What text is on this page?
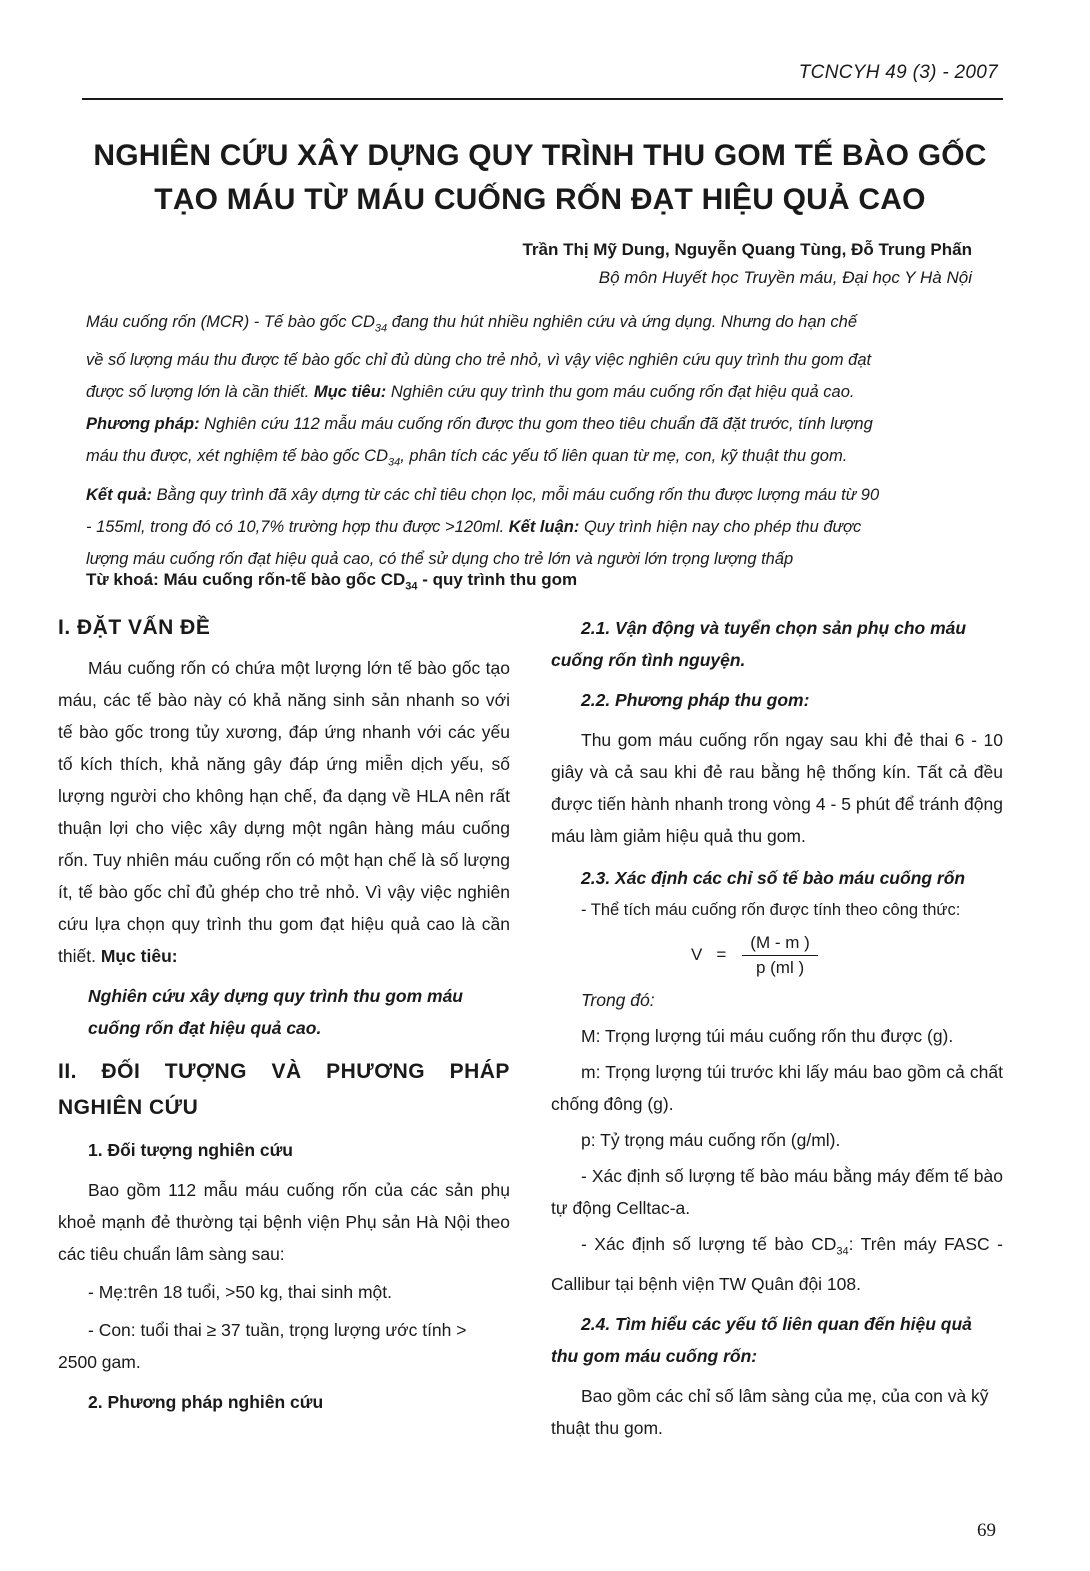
TCNCYH 49 (3) - 2007
NGHIÊN CỨU XÂY DỰNG QUY TRÌNH THU GOM TẾ BÀO GỐC
TẠO MÁU TỪ MÁU CUỐNG RỐN ĐẠT HIỆU QUẢ CAO
Trần Thị Mỹ Dung, Nguyễn Quang Tùng, Đỗ Trung Phấn
Bộ môn Huyết học Truyền máu, Đại học Y Hà Nội
Máu cuống rốn (MCR) - Tế bào gốc $CD_{34}$ đang thu hút nhiều nghiên cứu và ứng dụng. Nhưng do hạn chế
về số lượng máu thu được tế bào gốc chỉ đủ dùng cho trẻ nhỏ, vì vậy việc nghiên cứu quy trình thu gom đạt
được số lượng lớn là cần thiết. Mục tiêu: Nghiên cứu quy trình thu gom máu cuống rốn đạt hiệu quả cao.
Phương pháp: Nghiên cứu 112 mẫu máu cuống rốn được thu gom theo tiêu chuẩn đã đặt trước, tính lượng
máu thu được, xét nghiệm tế bào gốc $CD_{34}$, phân tích các yếu tố liên quan từ mẹ, con, kỹ thuật thu gom.
Kết quả: Bằng quy trình đã xây dựng từ các chỉ tiêu chọn lọc, mỗi máu cuống rốn thu được lượng máu từ 90
- 155ml, trong đó có 10,7% trường hợp thu được >120ml. Kết luận: Quy trình hiện nay cho phép thu được
lượng máu cuống rốn đạt hiệu quả cao, có thể sử dụng cho trẻ lớn và người lớn trọng lượng thấp
Từ khoá: Máu cuống rốn-tế bào gốc $CD_{34}$ - quy trình thu gom
I. ĐẶT VẤN ĐỀ
Máu cuống rốn có chứa một lượng lớn tế bào gốc tạo máu, các tế bào này có khả năng sinh sản nhanh so với tế bào gốc trong tủy xương, đáp ứng nhanh với các yếu tố kích thích, khả năng gây đáp ứng miễn dịch yếu, số lượng người cho không hạn chế, đa dạng về HLA nên rất thuận lợi cho việc xây dựng một ngân hàng máu cuống rốn. Tuy nhiên máu cuống rốn có một hạn chế là số lượng ít, tế bào gốc chỉ đủ ghép cho trẻ nhỏ. Vì vậy việc nghiên cứu lựa chọn quy trình thu gom đạt hiệu quả cao là cần thiết. Mục tiêu:
Nghiên cứu xây dựng quy trình thu gom máu cuống rốn đạt hiệu quả cao.
II. ĐỐI TƯỢNG VÀ PHƯƠNG PHÁP
NGHIÊN CỨU
1. Đối tượng nghiên cứu
Bao gồm 112 mẫu máu cuống rốn của các sản phụ khoẻ mạnh đẻ thường tại bệnh viện Phụ sản Hà Nội theo các tiêu chuẩn lâm sàng sau:
- Mẹ:trên 18 tuổi, >50 kg, thai sinh một.
- Con: tuổi thai ≥ 37 tuần, trọng lượng ước tính > 2500 gam.
2. Phương pháp nghiên cứu
2.1. Vận động và tuyển chọn sản phụ cho máu cuống rốn tình nguyện.
2.2. Phương pháp thu gom:
Thu gom máu cuống rốn ngay sau khi đẻ thai 6 - 10 giây và cả sau khi đẻ rau bằng hệ thống kín. Tất cả đều được tiến hành nhanh trong vòng 4 - 5 phút để tránh động máu làm giảm hiệu quả thu gom.
2.3. Xác định các chỉ số tế bào máu cuống rốn
- Thể tích máu cuống rốn được tính theo công thức:
$V = \frac{(M - m )}{p (ml )}$
Trong đó:
M: Trọng lượng túi máu cuống rốn thu được (g).
m: Trọng lượng túi trước khi lấy máu bao gồm cả chất chống đông (g).
p: Tỷ trọng máu cuống rốn (g/ml).
- Xác định số lượng tế bào máu bằng máy đếm tế bào tự động Celltac-a.
- Xác định số lượng tế bào $CD_{34}$: Trên máy FASC - Callibur tại bệnh viện TW Quân đội 108.
2.4. Tìm hiểu các yếu tố liên quan đến hiệu quả thu gom máu cuống rốn:
Bao gồm các chỉ số lâm sàng của mẹ, của con và kỹ thuật thu gom.
69
